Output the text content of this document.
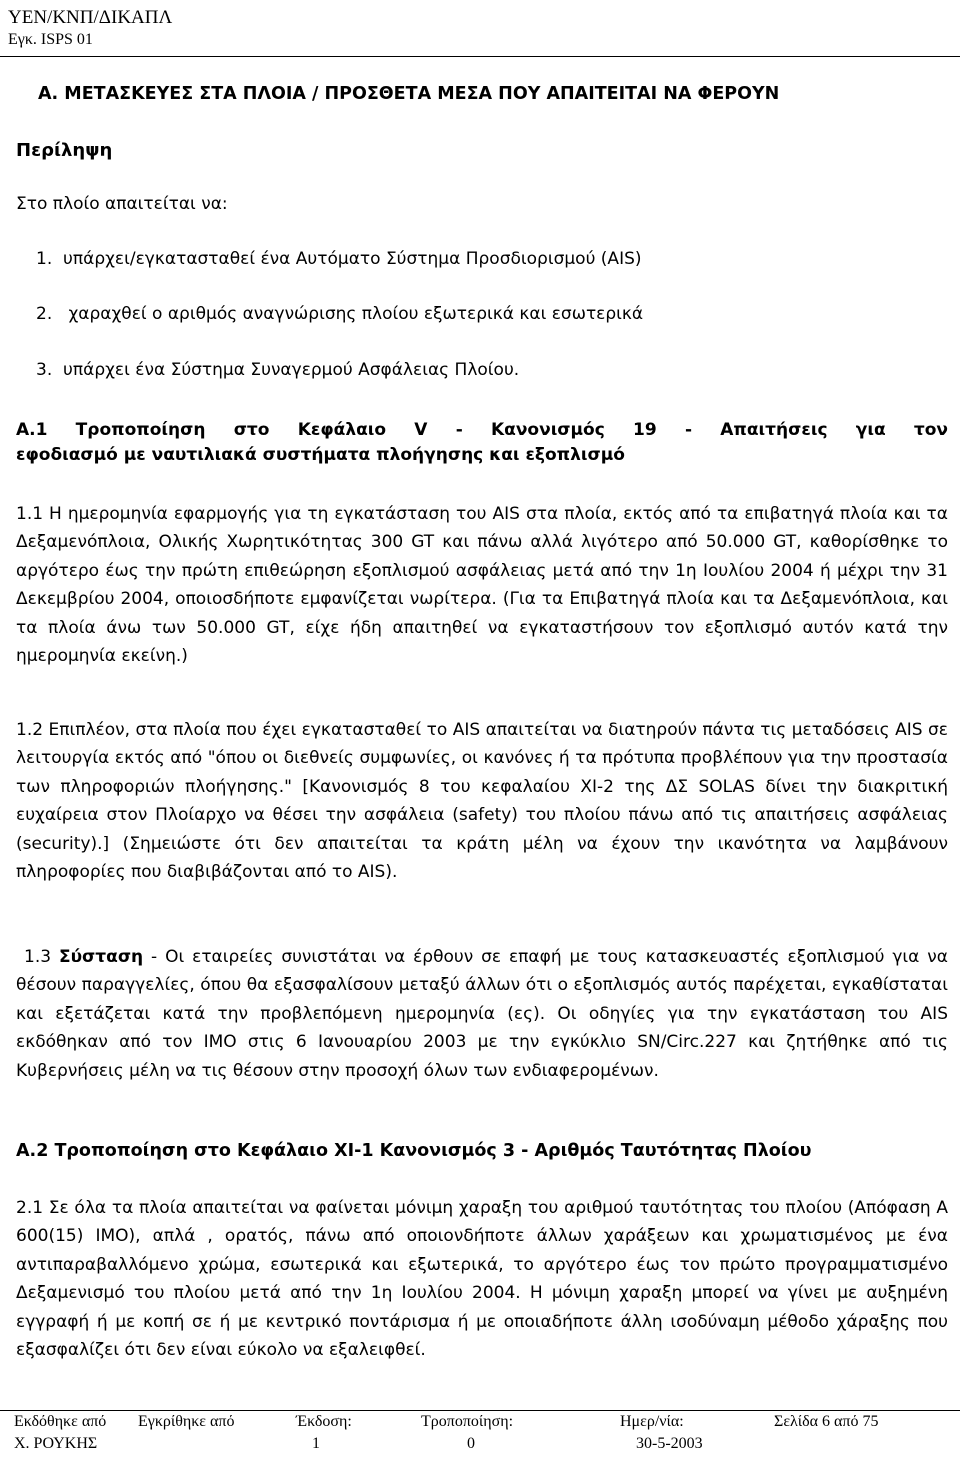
ΥΕΝ/ΚΝΠ/ΔΙΚΑΠΛ
Εγκ. ISPS 01
Α. ΜΕΤΑΣΚΕΥΕΣ ΣΤΑ ΠΛΟΙΑ / ΠΡΟΣΘΕΤΑ ΜΕΣΑ ΠΟΥ ΑΠΑΙΤΕΙΤΑΙ ΝΑ ΦΕΡΟΥΝ
Περίληψη
Στο πλοίο απαιτείται να:
1. υπάρχει/εγκατασταθεί ένα Αυτόματο Σύστημα Προσδιορισμού (AIS)
2. χαραχθεί ο αριθμός αναγνώρισης πλοίου εξωτερικά και εσωτερικά
3. υπάρχει ένα Σύστημα Συναγερμού Ασφάλειας Πλοίου.
Α.1 Τροποποίηση στο Κεφάλαιο V - Κανονισμός 19 - Απαιτήσεις για τον
εφοδιασμό με ναυτιλιακά συστήματα πλοήγησης και εξοπλισμό

1.1 Η ημερομηνία εφαρμογής για τη εγκατάσταση του AIS στα πλοία, εκτός από τα επιβατηγά πλοία και τα Δεξαμενόπλοια, Ολικής Χωρητικότητας 300 GT και πάνω αλλά λιγότερο από 50.000 GT, καθορίσθηκε το αργότερο έως την πρώτη επιθεώρηση εξοπλισμού ασφάλειας μετά από την 1η Ιουλίου 2004 ή μέχρι την 31 Δεκεμβρίου 2004, οποιοσδήποτε εμφανίζεται νωρίτερα. (Για τα Επιβατηγά πλοία και τα Δεξαμενόπλοια, και τα πλοία άνω των 50.000 GT, είχε ήδη απαιτηθεί να εγκαταστήσουν τον εξοπλισμό αυτόν κατά την ημερομηνία εκείνη.)

1.2 Επιπλέον, στα πλοία που έχει εγκατασταθεί το AIS απαιτείται να διατηρούν πάντα τις μεταδόσεις AIS σε λειτουργία εκτός από "όπου οι διεθνείς συμφωνίες, οι κανόνες ή τα πρότυπα προβλέπουν για την προστασία των πληροφοριών πλοήγησης." [Κανονισμός 8 του κεφαλαίου XI-2 της ΔΣ SOLAS δίνει την διακριτική ευχαίρεια στον Πλοίαρχο να θέσει την ασφάλεια (safety) του πλοίου πάνω από τις απαιτήσεις ασφάλειας (security).] (Σημειώστε ότι δεν απαιτείται τα κράτη μέλη να έχουν την ικανότητα να λαμβάνουν πληροφορίες που διαβιβάζονται από το AIS).

1.3 Σύσταση - Οι εταιρείες συνιστάται να έρθουν σε επαφή με τους κατασκευαστές εξοπλισμού για να θέσουν παραγγελίες, όπου θα εξασφαλίσουν μεταξύ άλλων ότι ο εξοπλισμός αυτός παρέχεται, εγκαθίσταται και εξετάζεται κατά την προβλεπόμενη ημερομηνία (ες). Οι οδηγίες για την εγκατάσταση του AIS εκδόθηκαν από τον IMO στις 6 Ιανουαρίου 2003 με την εγκύκλιο SN/Circ.227 και ζητήθηκε από τις Κυβερνήσεις μέλη να τις θέσουν στην προσοχή όλων των ενδιαφερομένων.

Α.2 Τροποποίηση στο Κεφάλαιο XI-1 Κανονισμός 3 - Αριθμός Ταυτότητας Πλοίου

2.1 Σε όλα τα πλοία απαιτείται να φαίνεται μόνιμη χαραξη του αριθμού ταυτότητας του πλοίου (Απόφαση Α 600(15) ΙΜΟ), απλά , ορατός, πάνω από οποιονδήποτε άλλων χαράξεων και χρωματισμένος με ένα αντιπαραβαλλόμενο χρώμα, εσωτερικά και εξωτερικά, το αργότερο έως τον πρώτο προγραμματισμένο Δεξαμενισμό του πλοίου μετά από την 1η Ιουλίου 2004. Η μόνιμη χαραξη μπορεί να γίνει με αυξημένη εγγραφή ή με κοπή σε ή με κεντρικό ποντάρισμα ή με οποιαδήποτε άλλη ισοδύναμη μέθοδο χάραξης που εξασφαλίζει ότι δεν είναι εύκολο να εξαλειφθεί.

Εκδόθηκε από	Εγκρίθηκε από	Έκδοση:	Τροποποίηση:	Ημερ/νία:	Σελίδα 6 από 75
Χ. ΡΟΥΚΗΣ		1	0	30-5-2003	
